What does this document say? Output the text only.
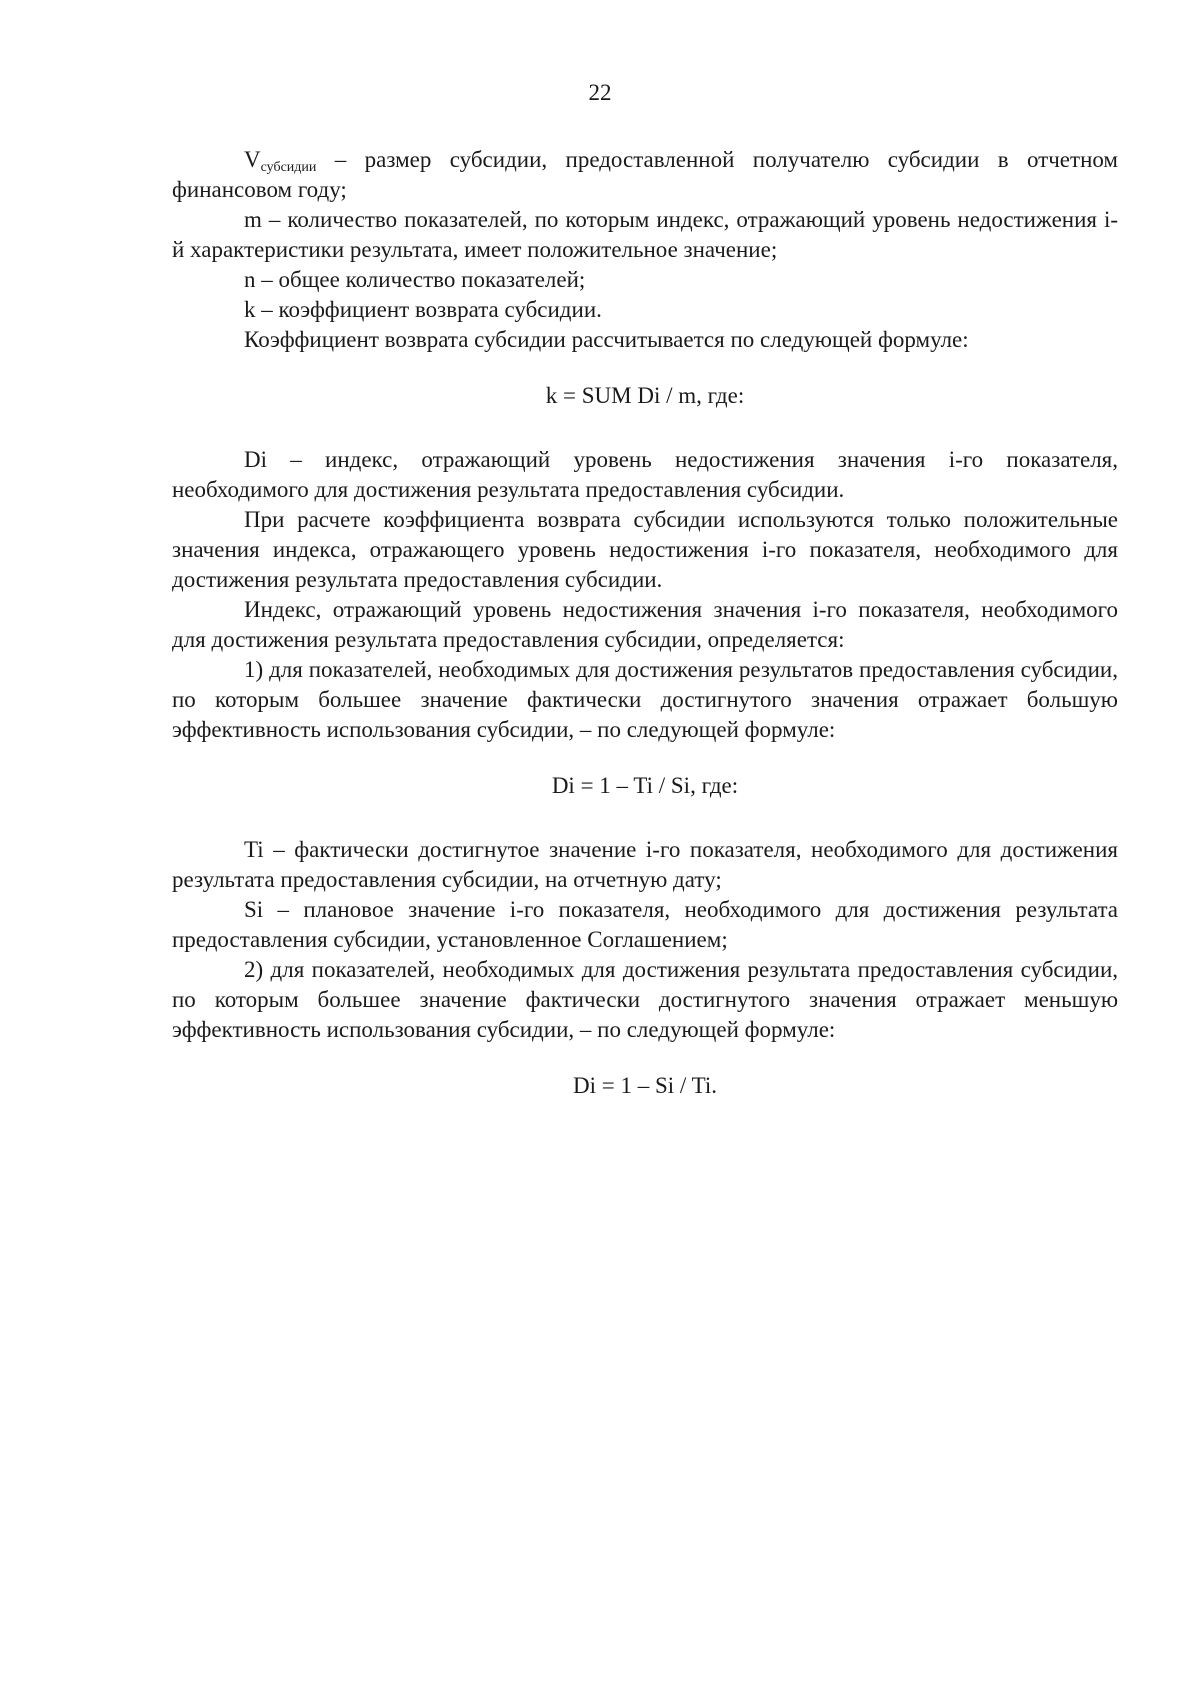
22

$V_{субсидии}$ – размер субсидии, предоставленной получателю субсидии в отчетном финансовом году;

m – количество показателей, по которым индекс, отражающий уровень недостижения i-й характеристики результата, имеет положительное значение;

n – общее количество показателей;

k – коэффициент возврата субсидии.

Коэффициент возврата субсидии рассчитывается по следующей формуле:

k = SUM Di / m, где:

Di – индекс, отражающий уровень недостижения значения i-го показателя, необходимого для достижения результата предоставления субсидии.

При расчете коэффициента возврата субсидии используются только положительные значения индекса, отражающего уровень недостижения i-го показателя, необходимого для достижения результата предоставления субсидии.

Индекс, отражающий уровень недостижения значения i-го показателя, необходимого для достижения результата предоставления субсидии, определяется:

1) для показателей, необходимых для достижения результатов предоставления субсидии, по которым большее значение фактически достигнутого значения отражает большую эффективность использования субсидии, – по следующей формуле:

Di = 1 – Ti / Si, где:

Ti – фактически достигнутое значение i-го показателя, необходимого для достижения результата предоставления субсидии, на отчетную дату;

Si – плановое значение i-го показателя, необходимого для достижения результата предоставления субсидии, установленное Соглашением;

2) для показателей, необходимых для достижения результата предоставления субсидии, по которым большее значение фактически достигнутого значения отражает меньшую эффективность использования субсидии, – по следующей формуле:

Di = 1 – Si / Ti.
